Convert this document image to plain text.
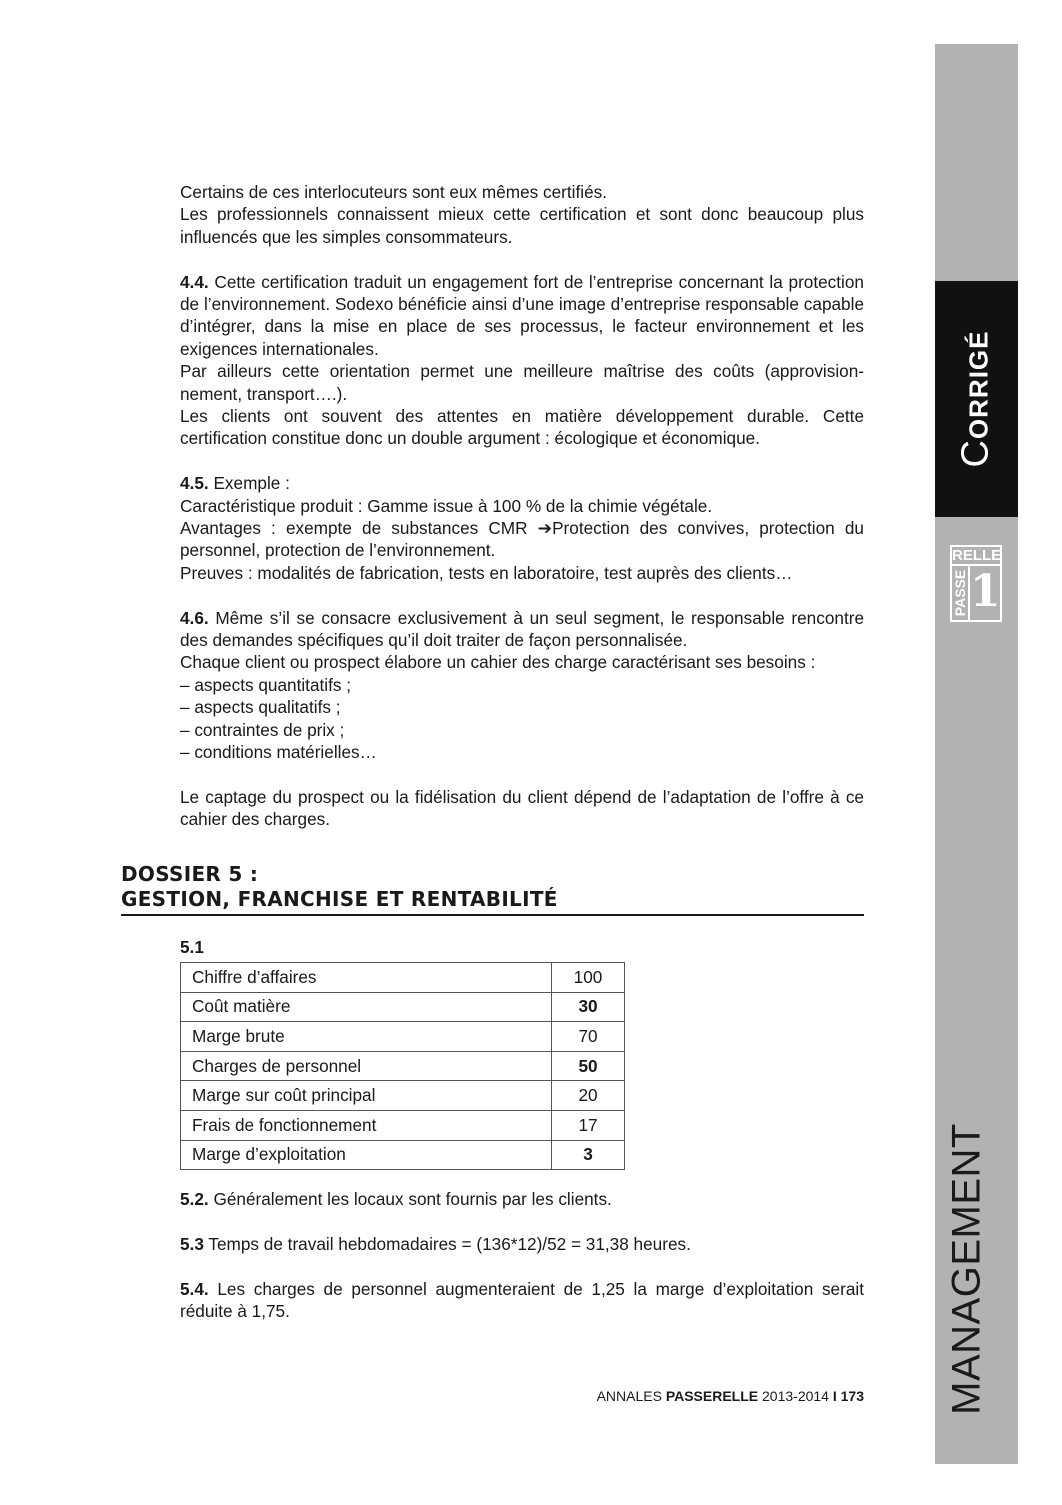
CORRIGÉ
RELLE
PASSE 1
MANAGEMENT

Certains de ces interlocuteurs sont eux mêmes certifiés.
Les professionnels connaissent mieux cette certification et sont donc beaucoup plus influencés que les simples consommateurs.

4.4. Cette certification traduit un engagement fort de l’entreprise concernant la protection de l’environnement. Sodexo bénéficie ainsi d’une image d’entreprise responsable capable d’intégrer, dans la mise en place de ses processus, le facteur environnement et les exigences internationales.
Par ailleurs cette orientation permet une meilleure maîtrise des coûts (approvision-nement, transport….).
Les clients ont souvent des attentes en matière développement durable. Cette certification constitue donc un double argument : écologique et économique.

4.5. Exemple :
Caractéristique produit : Gamme issue à 100 % de la chimie végétale.
Avantages : exempte de substances CMR ➔Protection des convives, protection du personnel, protection de l’environnement.
Preuves : modalités de fabrication, tests en laboratoire, test auprès des clients…

4.6. Même s’il se consacre exclusivement à un seul segment, le responsable rencontre des demandes spécifiques qu’il doit traiter de façon personnalisée.
Chaque client ou prospect élabore un cahier des charge caractérisant ses besoins :
– aspects quantitatifs ;
– aspects qualitatifs ;
– contraintes de prix ;
– conditions matérielles…

Le captage du prospect ou la fidélisation du client dépend de l’adaptation de l’offre à ce cahier des charges.

DOSSIER 5 :
GESTION, FRANCHISE ET RENTABILITÉ
5.1
Chiffre d’affaires	100
Coût matière	30
Marge brute	70
Charges de personnel	50
Marge sur coût principal	20
Frais de fonctionnement	17
Marge d’exploitation	3

5.2. Généralement les locaux sont fournis par les clients.

5.3 Temps de travail hebdomadaires = (136*12)/52 = 31,38 heures.

5.4. Les charges de personnel augmenteraient de 1,25 la marge d’exploitation serait réduite à 1,75.

ANNALES PASSERELLE 2013-2014 I 173
